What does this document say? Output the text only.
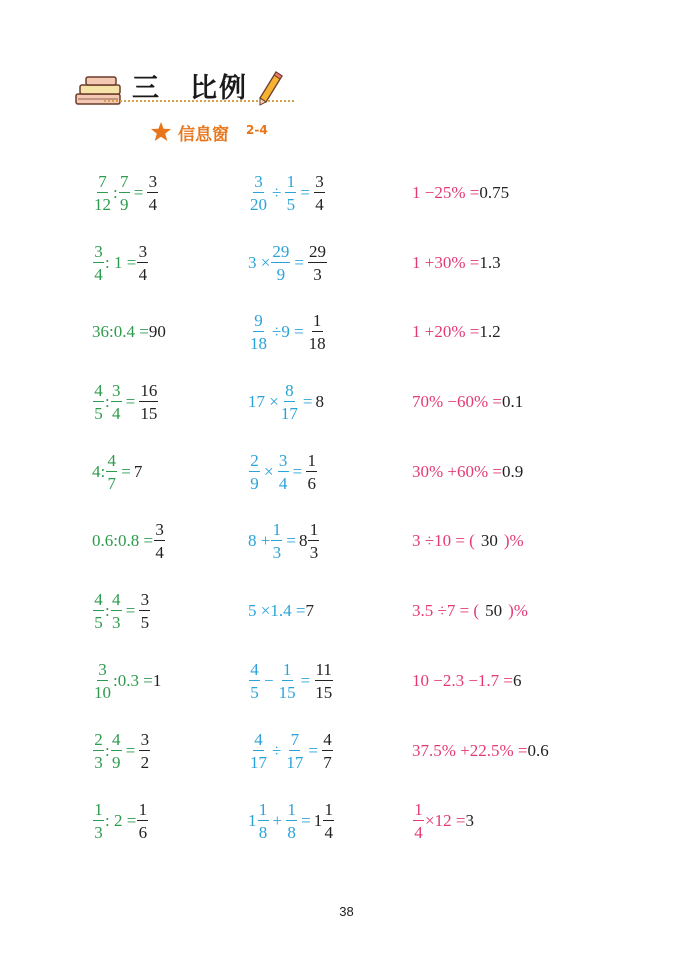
三　比例
信息窗 2-4
$\frac{7}{12}$ : $\frac{7}{9} = \frac{3}{4}$	$\frac{3}{20} \div \frac{1}{5} = \frac{3}{4}$	1 −25% = 0.75
$\frac{3}{4}$ : $1 = \frac{3}{4}$	$3 \times \frac{29}{9} = \frac{29}{3}$	1 +30% = 1.3
36:0.4 = 90	$\frac{9}{18} \div 9 = \frac{1}{18}$	1 +20% = 1.2
$\frac{4}{5}$ : $\frac{3}{4} = \frac{16}{15}$	$17 \times \frac{8}{17} = 8$	70% −60% = 0.1
4: $\frac{4}{7} = 7$	$\frac{2}{9} \times \frac{3}{4} = \frac{1}{6}$	30% +60% = 0.9
0.6:0.8 = $\frac{3}{4}$	$8 + \frac{1}{3} = 8 \frac{1}{3}$	3 ÷10 = ( 30 )%
$\frac{4}{5}$ : $\frac{4}{3} = \frac{3}{5}$	5 ×1.4 = 7	3.5 ÷7 = ( 50 )%
$\frac{3}{10}$ :0.3 = 1	$\frac{4}{5} - \frac{1}{15} = \frac{11}{15}$	10 −2.3 −1.7 = 6
$\frac{2}{3}$ : $\frac{4}{9} = \frac{3}{2}$	$\frac{4}{17} \div \frac{7}{17} = \frac{4}{7}$	37.5% +22.5% = 0.6
$\frac{1}{3}$ : $2 = \frac{1}{6}$	$1 \frac{1}{8} + \frac{1}{8} = 1 \frac{1}{4}$	$\frac{1}{4} \times 12 = 3$
38
